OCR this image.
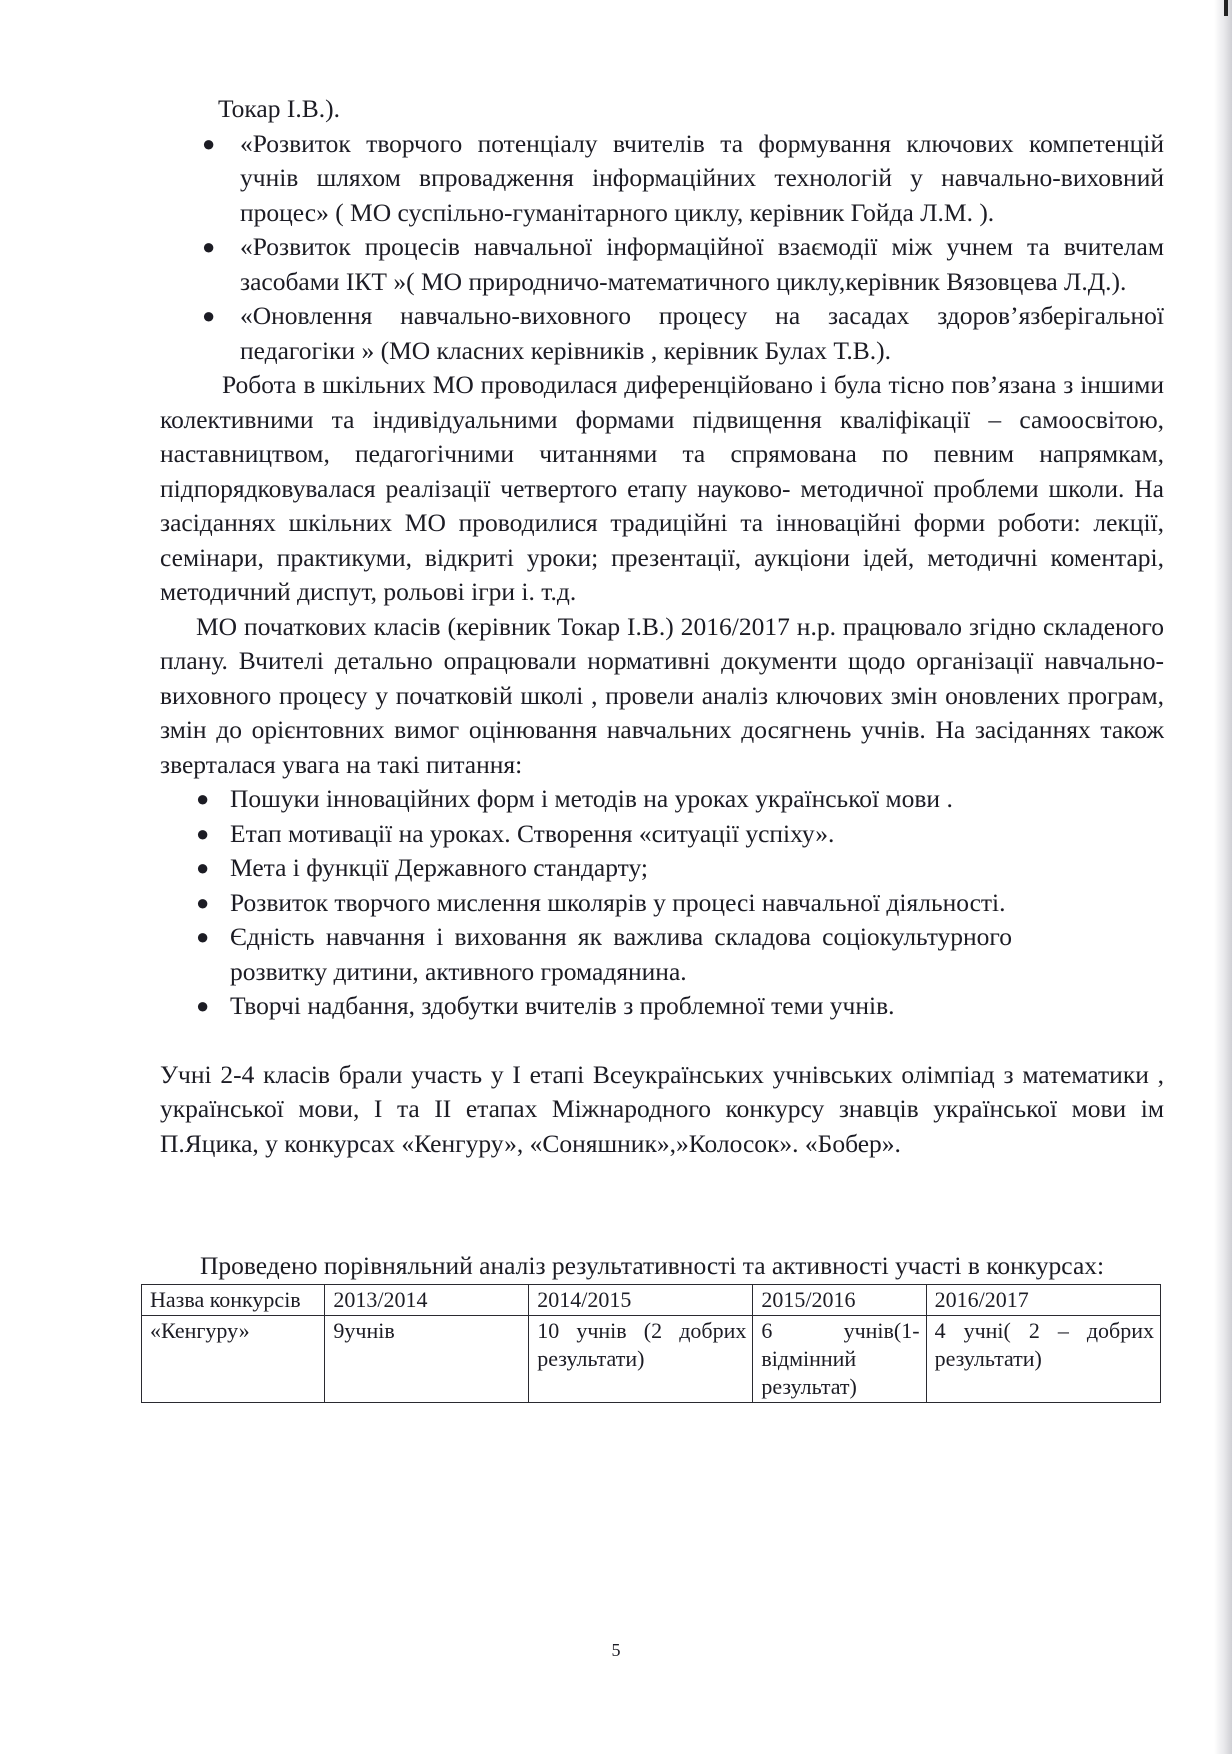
Токар І.В.).

● «Розвиток творчого потенціалу вчителів та формування ключових компетенцій учнів шляхом впровадження інформаційних технологій у навчально-виховний процес» ( МО суспільно-гуманітарного циклу, керівник Гойда Л.М. ).
● «Розвиток процесів навчальної інформаційної взаємодії між учнем та вчителам засобами ІКТ »( МО природничо-математичного циклу,керівник Вязовцева Л.Д.).
● «Оновлення навчально-виховного процесу на засадах здоров’язберігальної педагогіки » (МО класних керівників , керівник Булах Т.В.).

Робота в шкільних МО проводилася диференційовано і була тісно пов’язана з іншими колективними та індивідуальними формами підвищення кваліфікації – самоосвітою, наставництвом, педагогічними читаннями та спрямована по певним напрямкам, підпорядковувалася реалізації четвертого етапу науково- методичної проблеми школи. На засіданнях шкільних МО проводилися традиційні та інноваційні форми роботи: лекції, семінари, практикуми, відкриті уроки; презентації, аукціони ідей, методичні коментарі, методичний диспут, рольові ігри і. т.д.

МО початкових класів (керівник Токар І.В.) 2016/2017 н.р. працювало згідно складеного плану. Вчителі детально опрацювали нормативні документи щодо організації навчально- виховного процесу у початковій школі , провели аналіз ключових змін оновлених програм, змін до орієнтовних вимог оцінювання навчальних досягнень учнів. На засіданнях також зверталася увага на такі питання:

● Пошуки інноваційних форм і методів на уроках української мови .
● Етап мотивації на уроках. Створення «ситуації успіху».
● Мета і функції Державного стандарту;
● Розвиток творчого мислення школярів у процесі навчальної діяльності.
● Єдність навчання і виховання як важлива складова соціокультурного розвитку дитини, активного громадянина.
● Творчі надбання, здобутки вчителів з проблемної теми учнів.

Учні 2-4 класів брали участь у І етапі Всеукраїнських учнівських олімпіад з математики , української мови, І та ІІ етапах Міжнародного конкурсу знавців української мови ім П.Яцика, у конкурсах «Кенгуру», «Соняшник»,»Колосок». «Бобер».

Проведено порівняльний аналіз результативності та активності участі в конкурсах:

Назва конкурсів	2013/2014	2014/2015	2015/2016	2016/2017
«Кенгуру»	9учнів	10 учнів (2 добрих результати)	6 учнів(1- відмінний результат)	4 учні( 2 – добрих результати)
5
